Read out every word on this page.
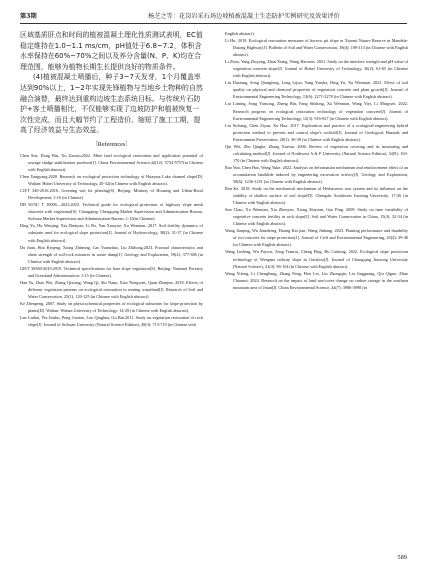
第3期	杨芝之等：花岗岩采石场边坡植被混凝土生态防护实例研究及效果评价

区域基质肝点和时间的植被混凝土理化性质测试表明，EC值稳定维持在1.0~1.1 ms/cm，pH值处于6.8~7.2，体积含水率保持在60%~70%之间以及养分含量(N、P、K)均在合理范围，能够为植物长期生长提供良好的物质条件。

(4)植被混凝土喷播后，种子3~7天发芽，1个月覆盖率达到90%以上，1~2年实现先锋植物与当地乡土物种的自然融合演替，最终达到重构边坡生态系统目标。与传统片石防护+客土喷播相比，不仅能够实现了边坡防护和植被恢复一次性完成，而且大幅节约了工程造价、缩短了施工工期，提高了经济效益与生态效益。

〔References〕

Chen Sisi, Dong Bin, Xu Zaoxin.2022. Mine land ecological restoration and application potential of sewage sludge stabilization products[J]. China Environmental Science,42(12): 5734-5757(in Chinese with English abstract).

Chen Yangyang.2020. Research on ecological protection technology of Huayma Lake channel slope[D]. Wuhan: Hubei University of Technology, 20-32(in Chinese with English abstract).

CJJ/T 340-2016.2016. Greening soil for planting[S]. Beijing: Ministry of Housing and Urban-Rural Development; 1-16 (in Chinese).

DB 50/5U T 10006—2023.2023. Technical guide for ecological protection of highway slope mesh shotcrete with vegetation[S]. Chongqing: Chongqing Market Supervision and Administration Bureau, Sichuan Market Supervision and Administration Bureau: 1-15(in Chinese).

Ding Yu, Hu Wenjing, Xia Zhenyao, Li Bo, Yan Xiaoyue, Xu Wennian. 2017. Soil fertility dynamics of substrate used for ecological slope protection[J]. Journal of Hydroecology, 38(2): 31-37 (in Chinese with English abstract).

Du Juan, Hou Keqeng, Xiong Zhiming, Cao Yuanzhao, Liu Zhihong.2023. Fractual characteristics and shear strength of soil-rock mixtures in waste dump[J]. Geology and Exploration, 59(2): 377-386 (in Chinese with English abstract).

GB/T 38360-2019.2019. Technical specifications for bare slope vegetation[S]. Beijing: National Forestry and Grassland Administration: 1-15 (in Chinese).

Han Yu, Zhao Wei, Zhang Qixiang, Wang Qi, Shi Nana, Xiao Nengwen, Quan Zhanjun. 2018. Effects of different vegetation patterns on ecological restoration in mining wasteland[J]. Research of Soil and Water Conservation, 25(1): 120-125 (in Chinese with English abstract).

Ke Zhenpeng. 2007. Study on physicochemical properties of ecological substrates for slope protection by plants[D]. Wuhan: Wuhan University of Technology: 14-29 (in Chinese with English abstract).

Lan Linhui, Yin Jinshu, Peng Guotao, Luo Qinghua, Gu Bin.2011. Study on vegetation restoration of rock slope[J]. Journal of Sichuan University (Natural Science Edition), 48(3): 713-719 (in Chinese with

English abstract).

Li Hu. 2018. Ecological restoration measures of borrow pit slope in Xiaomi Nature Reserve in Mandela-Datong Highway[J]. Bulletin of Soil and Water Conservation, 38(4): 109-113 (in Chinese with English abstract).

Li Zhuo, Yang Zhiyong, Zhan Xiang, Wang Haowen. 2021. Study on the interface strength and pH value of vegetation concrete slope[J]. Journal of Hubei University of Technology, 36(2): 61-65 (in Chinese with English abstract).

Lin Daxiang, Song Qiangfeng, Long Lijun, Yang Yuesha, Ding Yu, Xu Wennian. 2023. Effect of soil quality on physical and chemical properties of vegetation concrete and plant growth[J]. Journal of Environmental Engineering Technology, 13(6): 2271-2278 (in Chinese with English abstract).

Liu Liming, Song Yansong, Zheng Bin, Fang Shidong, Xu Wennian, Wang Yiyi, Li Mingwei. 2022. Research progress on ecological restoration technology of vegetation concrete[J]. Journal of Environmental Engineering Technology, 12(3): 916-927 (in Chinese with English abstract).

Liu Sichang, Chen Ziyan, Xu Hua. 2017. Exploration and practice of a ecological-engineering hybrid protection method to prevent and control slope's rockfall[J]. Journal of Geological Hazards and Environment Preservation, 28(1): 30-39 (in Chinese with English abstract).

Qin Wei, Zhu Qingke, Zhang Xuexia. 2006. Review of vegetation covering and its measuring and calculating method[J]. Journal of Northwest A & F University (Natural Science Edition), 34(9): 163-170 (in Chinese with English abstract).

Rao Yun, Chen Hao, Wang Yuke. 2022. Analysis on deformation mechanism and reinforcement effect of an accumulation landslide induced by engineering excavation activity[J]. Geology and Exploration, 58(6): 1236-1251 (in Chinese with English abstract).

Ren Ke. 2018. Study on the mechanical mechanism of Herbaceous root system and its influence on the stability of shallow surface of soil slope[D]. Chengdu: Southwest Jiaotong University: 17-26 (in Chinese with English abstract).

Sun Chao, Xu Wennian, Xia Zhenyao, Xiong Shiyuan, Gao Ping. 2009. Study on time variability of vegetative concrete fertility in rock slope[J]. Soil and Water Conservation in China, 15(4): 32-34 (in Chinese with English abstract).

Wang Jianjing, Wu Jianzheng, Huang Kai jian, Wang Jinbang. 2023. Planting performance and durability of eco-concrete for slope protection[J]. Journal of Civil and Environmental Engineering, 45(4): 29-40 (in Chinese with English abstract).

Wang Linfeng, Wu Faywu, Zeng Tianrui, Cheng Ping, Hu Caidong. 2022. Ecological slope protection technology of Wengma railway slope in Guizhou[J]. Journal of Chongqing Jiaotong University (Natural Science), 41(4): 96-104 (in Chinese with English abstract).

Wang Yifeng, Li Chengliang, Zhang Peng, Hou Lei, Liu Zhongqiu, Liu Jingguang, Qiu Qiguo, Zhao Chounui. 2024. Research on the impact of land use/cover change on carbon storage in the southern mountain area of Jinan[J]. China Environmental Science, 44(7): 3986-3998 (in

589
